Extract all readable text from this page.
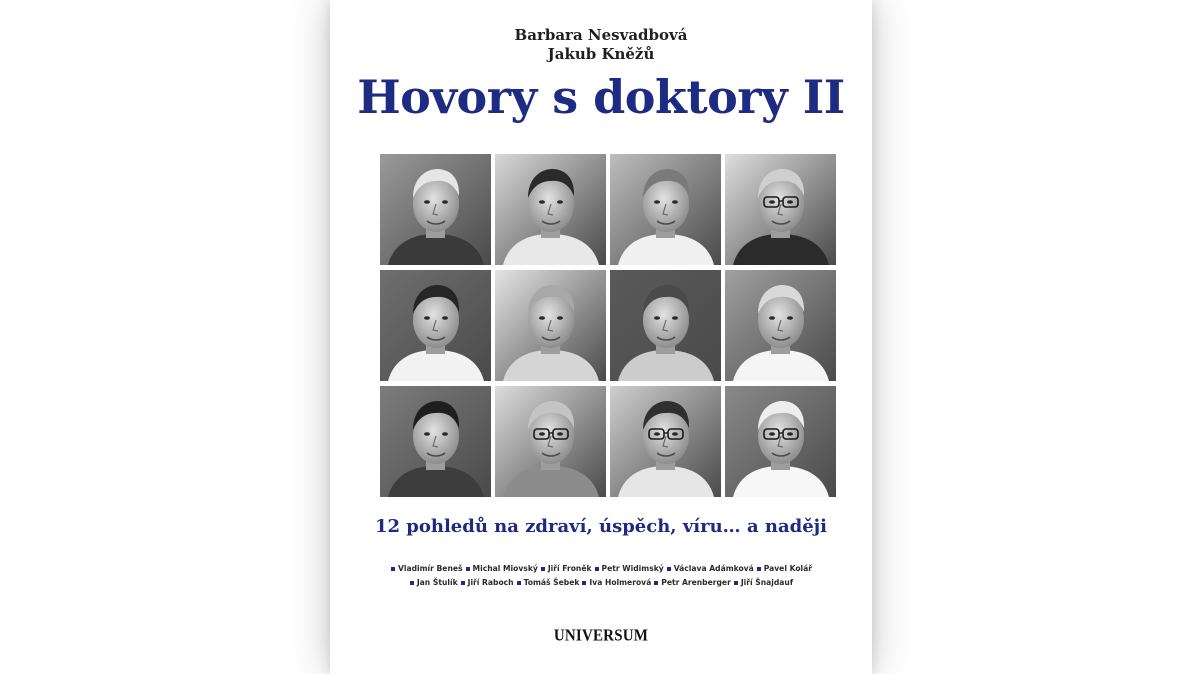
Barbara Nesvadbová
Jakub Kněžů
Hovory s doktory II
12 pohledů na zdraví, úspěch, víru… a naději
Vladimír Beneš Michal Miovský Jiří Froněk Petr Widimský Václava Adámková Pavel Kolář
Jan Štulík Jiří Raboch Tomáš Šebek Iva Holmerová Petr Arenberger Jiří Šnajdauf
UNIVERSUM
